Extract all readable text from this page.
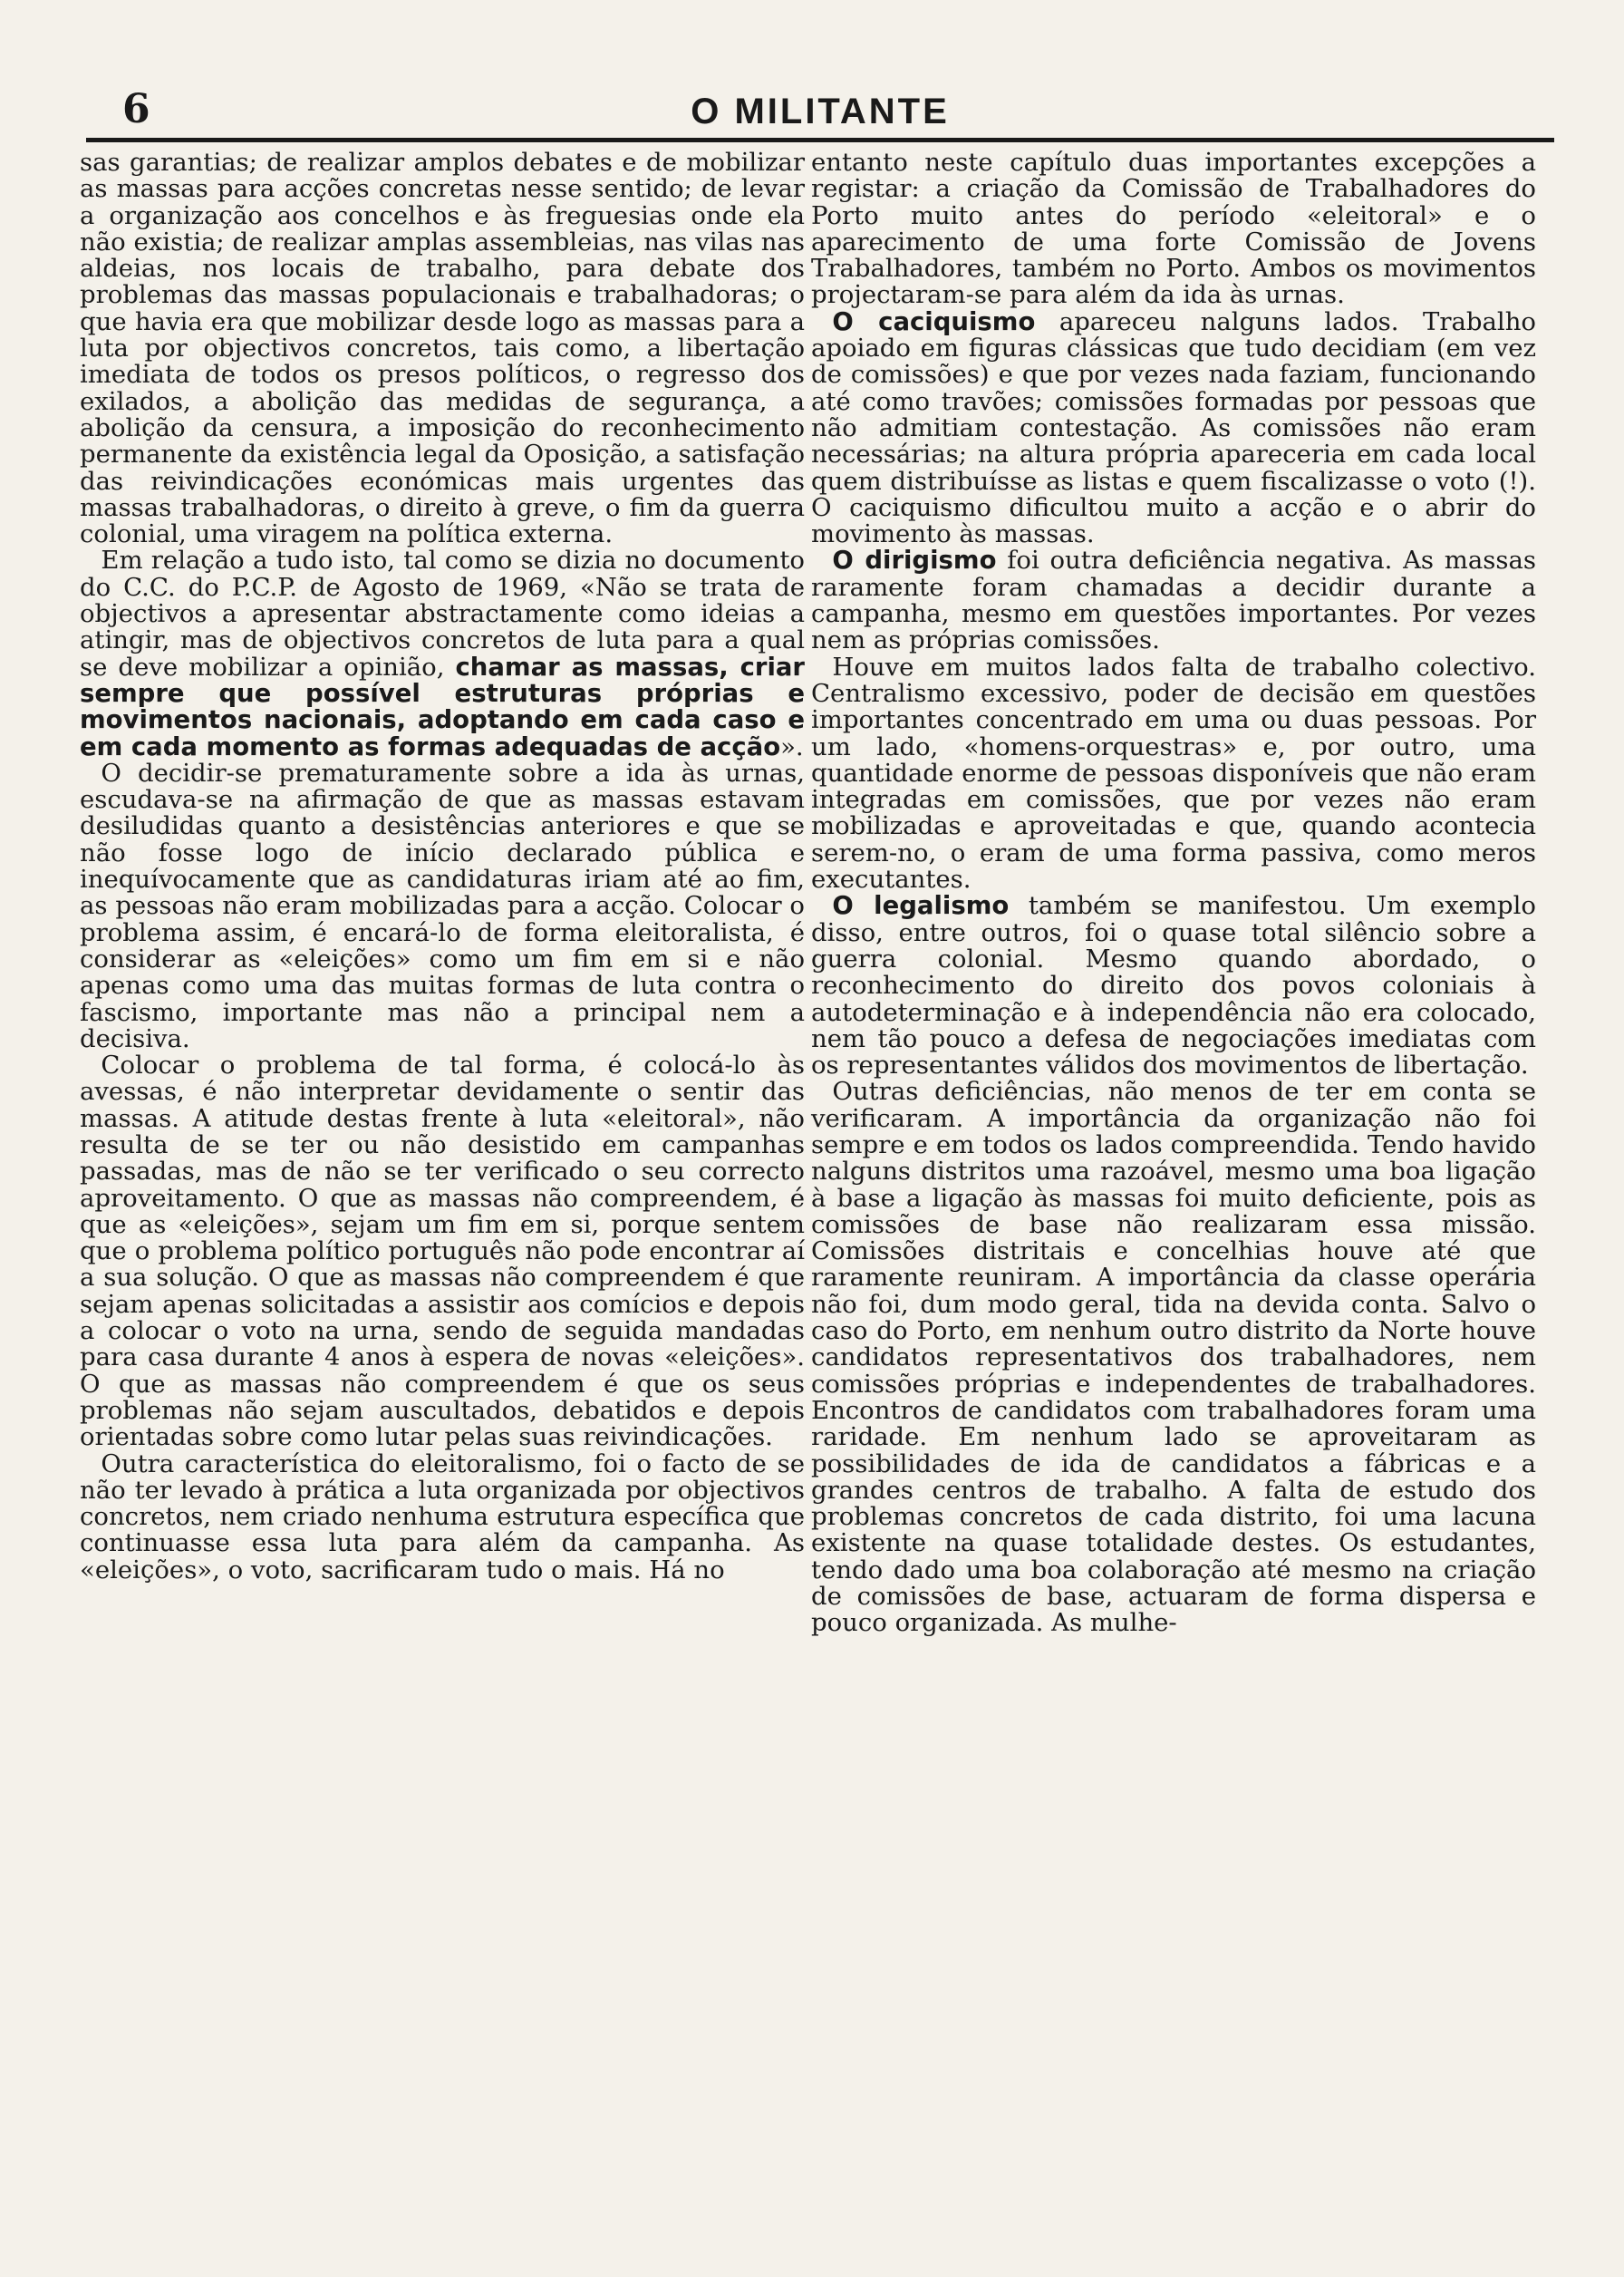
6	O MILITANTE

sas garantias; de realizar amplos debates e de mobilizar as massas para acções concretas nesse sentido; de levar a organização aos concelhos e às freguesias onde ela não existia; de realizar amplas assembleias, nas vilas nas aldeias, nos locais de trabalho, para debate dos problemas das massas populacionais e trabalhadoras; o que havia era que mobilizar desde logo as massas para a luta por objectivos concretos, tais como, a libertação imediata de todos os presos políticos, o regresso dos exilados, a abolição das medidas de segurança, a abolição da censura, a imposição do reconhecimento permanente da existência legal da Oposição, a satisfação das reivindicações económicas mais urgentes das massas trabalhadoras, o direito à greve, o fim da guerra colonial, uma viragem na política externa.

Em relação a tudo isto, tal como se dizia no documento do C.C. do P.C.P. de Agosto de 1969, «Não se trata de objectivos a apresentar abstractamente como ideias a atingir, mas de objectivos concretos de luta para a qual se deve mobilizar a opinião, chamar as massas, criar sempre que possível estruturas próprias e movimentos nacionais, adoptando em cada caso e em cada momento as formas adequadas de acção».

O decidir-se prematuramente sobre a ida às urnas, escudava-se na afirmação de que as massas estavam desiludidas quanto a desistências anteriores e que se não fosse logo de início declarado pública e inequívocamente que as candidaturas iriam até ao fim, as pessoas não eram mobilizadas para a acção. Colocar o problema assim, é encará-lo de forma eleitoralista, é considerar as «eleições» como um fim em si e não apenas como uma das muitas formas de luta contra o fascismo, importante mas não a principal nem a decisiva.

Colocar o problema de tal forma, é colocá-lo às avessas, é não interpretar devidamente o sentir das massas. A atitude destas frente à luta «eleitoral», não resulta de se ter ou não desistido em campanhas passadas, mas de não se ter verificado o seu correcto aproveitamento. O que as massas não compreendem, é que as «eleições», sejam um fim em si, porque sentem que o problema político português não pode encontrar aí a sua solução. O que as massas não compreendem é que sejam apenas solicitadas a assistir aos comícios e depois a colocar o voto na urna, sendo de seguida mandadas para casa durante 4 anos à espera de novas «eleições». O que as massas não compreendem é que os seus problemas não sejam auscultados, debatidos e depois orientadas sobre como lutar pelas suas reivindicações.

Outra característica do eleitoralismo, foi o facto de se não ter levado à prática a luta organizada por objectivos concretos, nem criado nenhuma estrutura específica que continuasse essa luta para além da campanha. As «eleições», o voto, sacrificaram tudo o mais. Há no

entanto neste capítulo duas importantes excepções a registar: a criação da Comissão de Trabalhadores do Porto muito antes do período «eleitoral» e o aparecimento de uma forte Comissão de Jovens Trabalhadores, também no Porto. Ambos os movimentos projectaram-se para além da ida às urnas.

O caciquismo apareceu nalguns lados. Trabalho apoiado em figuras clássicas que tudo decidiam (em vez de comissões) e que por vezes nada faziam, funcionando até como travões; comissões formadas por pessoas que não admitiam contestação. As comissões não eram necessárias; na altura própria apareceria em cada local quem distribuísse as listas e quem fiscalizasse o voto (!). O caciquismo dificultou muito a acção e o abrir do movimento às massas.

O dirigismo foi outra deficiência negativa. As massas raramente foram chamadas a decidir durante a campanha, mesmo em questões importantes. Por vezes nem as próprias comissões.

Houve em muitos lados falta de trabalho colectivo. Centralismo excessivo, poder de decisão em questões importantes concentrado em uma ou duas pessoas. Por um lado, «homens-orquestras» e, por outro, uma quantidade enorme de pessoas disponíveis que não eram integradas em comissões, que por vezes não eram mobilizadas e aproveitadas e que, quando acontecia serem-no, o eram de uma forma passiva, como meros executantes.

O legalismo também se manifestou. Um exemplo disso, entre outros, foi o quase total silêncio sobre a guerra colonial. Mesmo quando abordado, o reconhecimento do direito dos povos coloniais à autodeterminação e à independência não era colocado, nem tão pouco a defesa de negociações imediatas com os representantes válidos dos movimentos de libertação.

Outras deficiências, não menos de ter em conta se verificaram. A importância da organização não foi sempre e em todos os lados compreendida. Tendo havido nalguns distritos uma razoável, mesmo uma boa ligação à base a ligação às massas foi muito deficiente, pois as comissões de base não realizaram essa missão. Comissões distritais e concelhias houve até que raramente reuniram. A importância da classe operária não foi, dum modo geral, tida na devida conta. Salvo o caso do Porto, em nenhum outro distrito da Norte houve candidatos representativos dos trabalhadores, nem comissões próprias e independentes de trabalhadores. Encontros de candidatos com trabalhadores foram uma raridade. Em nenhum lado se aproveitaram as possibilidades de ida de candidatos a fábricas e a grandes centros de trabalho. A falta de estudo dos problemas concretos de cada distrito, foi uma lacuna existente na quase totalidade destes. Os estudantes, tendo dado uma boa colaboração até mesmo na criação de comissões de base, actuaram de forma dispersa e pouco organizada. As mulhe-
